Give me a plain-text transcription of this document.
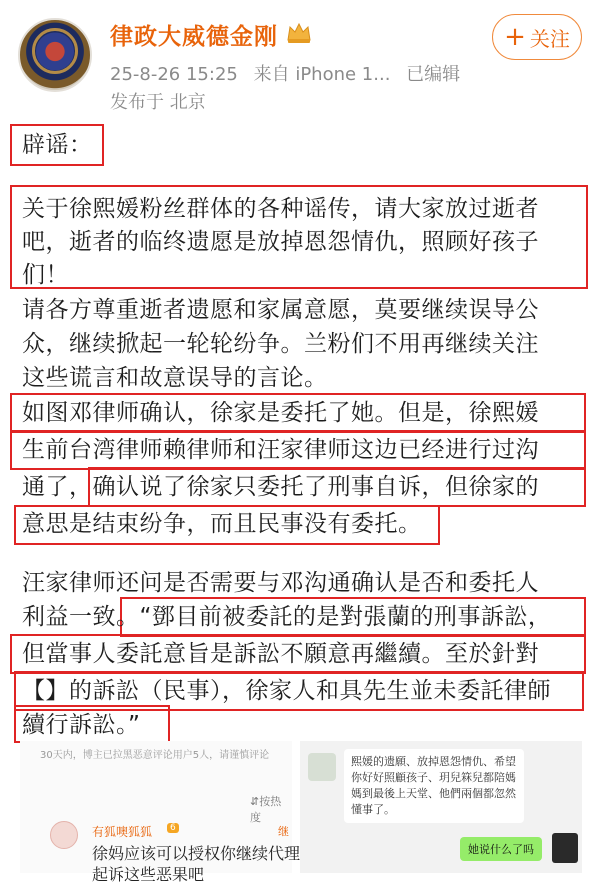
律政大威德金刚
25-8-26 15:25 来自 iPhone 1... 已编辑
发布于 北京
+ 关注
辟谣：
关于徐熙媛粉丝群体的各种谣传，请大家放过逝者
吧，逝者的临终遗愿是放掉恩怨情仇，照顾好孩子
们！
请各方尊重逝者遗愿和家属意愿，莫要继续误导公
众，继续掀起一轮轮纷争。兰粉们不用再继续关注
这些谎言和故意误导的言论。
如图邓律师确认，徐家是委托了她。但是，徐熙媛
生前台湾律师赖律师和汪家律师这边已经进行过沟
通了，确认说了徐家只委托了刑事自诉，但徐家的
意思是结束纷争，而且民事没有委托。
汪家律师还问是否需要与邓沟通确认是否和委托人
利益一致。“鄧目前被委託的是對張蘭的刑事訴訟，
但當事人委託意旨是訴訟不願意再繼續。至於針對
【】的訴訟（民事），徐家人和具先生並未委託律師
續行訴訟。”
30天内，博主已拉黑恶意评论用户5人，请谨慎评论
⇵按热度
有狐噢狐狐	6	继
徐妈应该可以授权你继续代理起诉这些恶果吧
熙媛的遗願、放掉恩怨情仇、希望你好好照顧孩子、玥兒箖兒都陪媽媽到最後上天堂、他們兩個都忽然懂事了。
她说什么了吗
